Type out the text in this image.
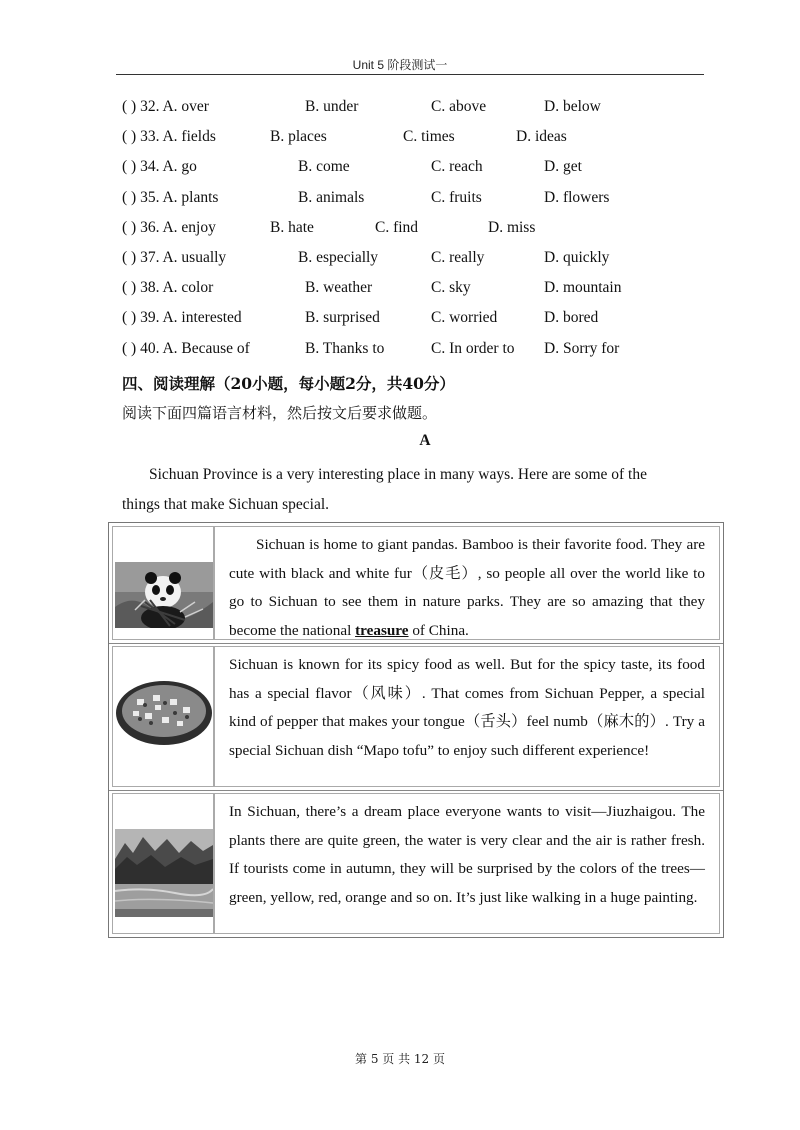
Unit 5 阶段测试一
( ) 32. A. over	B. under	C. above	D. below
( ) 33. A. fields	B. places	C. times	D. ideas
( ) 34. A. go	B. come	C. reach	D. get
( ) 35. A. plants	B. animals	C. fruits	D. flowers
( ) 36. A. enjoy	B. hate	C. find	D. miss
( ) 37. A. usually	B. especially	C. really	D. quickly
( ) 38. A. color	B. weather	C. sky	D. mountain
( ) 39. A. interested	B. surprised	C. worried	D. bored
( ) 40. A. Because of	B. Thanks to	C. In order to D. Sorry for
四、阅读理解（20小题，每小题2分，共40分）
阅读下面四篇语言材料，然后按文后要求做题。
A
Sichuan Province is a very interesting place in many ways. Here are some of the things that make Sichuan special.
Sichuan is home to giant pandas. Bamboo is their favorite food. They are cute with black and white fur（皮毛）, so people all over the world like to go to Sichuan to see them in nature parks. They are so amazing that they become the national treasure of China.
Sichuan is known for its spicy food as well. But for the spicy taste, its food has a special flavor（风味）. That comes from Sichuan Pepper, a special kind of pepper that makes your tongue（舌头）feel numb（麻木的）. Try a special Sichuan dish “Mapo tofu” to enjoy such different experience!
In Sichuan, there’s a dream place everyone wants to visit—Jiuzhaigou. The plants there are quite green, the water is very clear and the air is rather fresh. If tourists come in autumn, they will be surprised by the colors of the trees—green, yellow, red, orange and so on. It’s just like walking in a huge painting.
第 5 页 共 12 页
